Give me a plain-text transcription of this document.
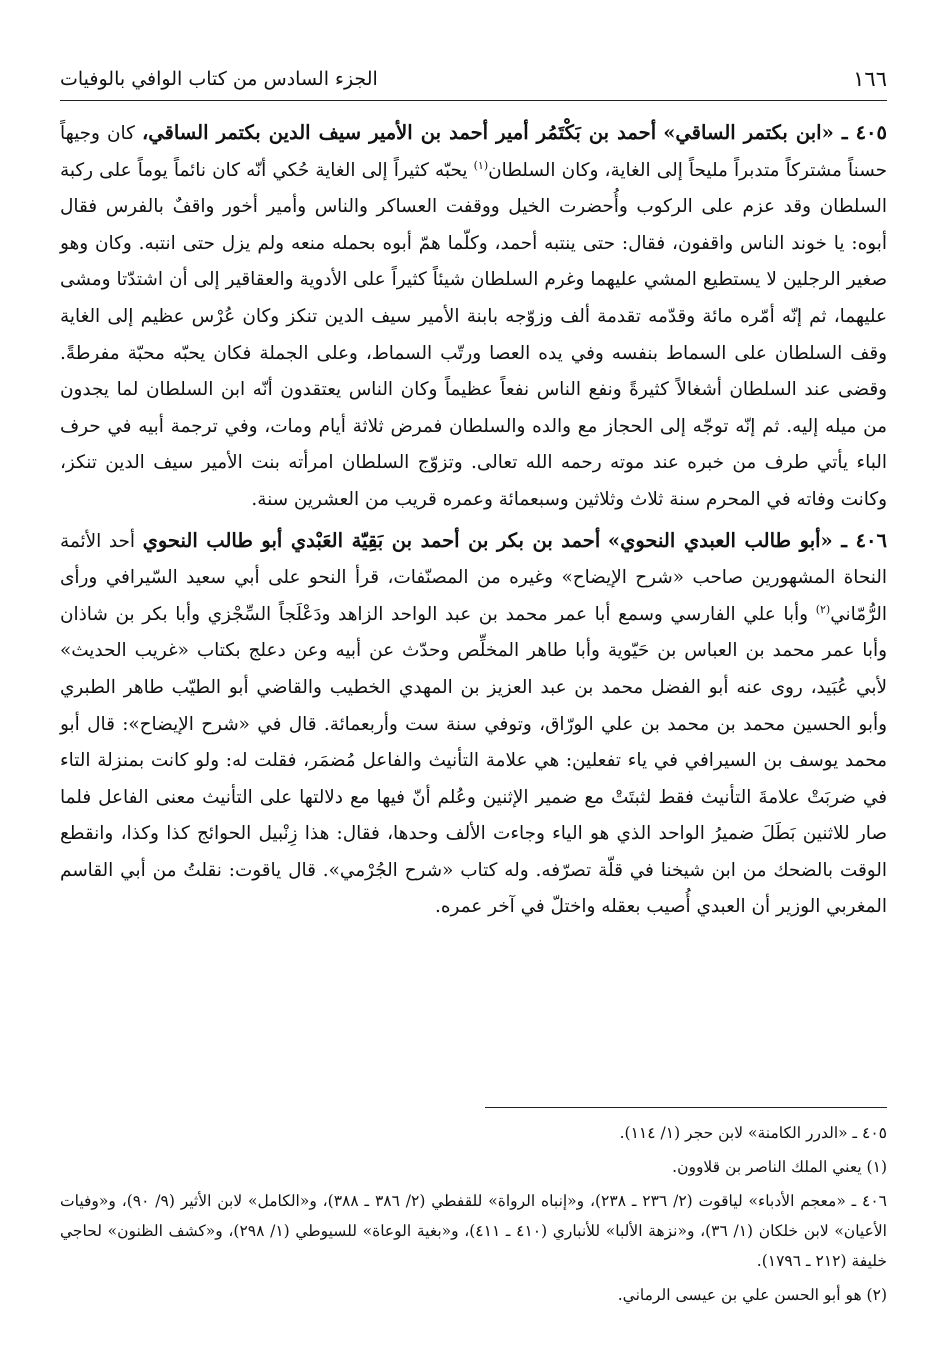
١٦٦
الجزء السادس من كتاب الوافي بالوفيات

٤٠٥ ـ «ابن بكتمر الساقي» أحمد بن بَكْتَمُر أمير أحمد بن الأمير سيف الدين بكتمر الساقي، كان وجيهاً حسناً مشتركاً متدبراً مليحاً إلى الغاية، وكان السلطان$^{(١)}$ يحبّه كثيراً إلى الغاية حُكي أنّه كان نائماً يوماً على ركبة السلطان وقد عزم على الركوب وأُحضرت الخيل ووقفت العساكر والناس وأمير أخور واقفٌ بالفرس فقال أبوه: يا خوند الناس واقفون، فقال: حتى ينتبه أحمد، وكلّما همّ أبوه بحمله منعه ولم يزل حتى انتبه. وكان وهو صغير الرجلين لا يستطيع المشي عليهما وغرم السلطان شيئاً كثيراً على الأدوية والعقاقير إلى أن اشتدّتا ومشى عليهما، ثم إنّه أمّره مائة وقدّمه تقدمة ألف وزوّجه بابنة الأمير سيف الدين تنكز وكان عُرْس عظيم إلى الغاية وقف السلطان على السماط بنفسه وفي يده العصا ورتّب السماط، وعلى الجملة فكان يحبّه محبّة مفرطةً. وقضى عند السلطان أشغالاً كثيرةً ونفع الناس نفعاً عظيماً وكان الناس يعتقدون أنّه ابن السلطان لما يجدون من ميله إليه. ثم إنّه توجّه إلى الحجاز مع والده والسلطان فمرض ثلاثة أيام ومات، وفي ترجمة أبيه في حرف الباء يأتي طرف من خبره عند موته رحمه الله تعالى. وتزوّج السلطان امرأته بنت الأمير سيف الدين تنكز، وكانت وفاته في المحرم سنة ثلاث وثلاثين وسبعمائة وعمره قريب من العشرين سنة.

٤٠٦ ـ «أبو طالب العبدي النحوي» أحمد بن بكر بن أحمد بن بَقِيّة العَبْدي أبو طالب النحوي أحد الأئمة النحاة المشهورين صاحب «شرح الإيضاح» وغيره من المصنّفات، قرأ النحو على أبي سعيد السّيرافي ورأى الرُّمّاني$^{(٢)}$ وأبا علي الفارسي وسمع أبا عمر محمد بن عبد الواحد الزاهد ودَعْلَجاً السِّجْزي وأبا بكر بن شاذان وأبا عمر محمد بن العباس بن حَيّوية وأبا طاهر المخلِّص وحدّث عن أبيه وعن دعلج بكتاب «غريب الحديث» لأبي عُبَيد، روى عنه أبو الفضل محمد بن عبد العزيز بن المهدي الخطيب والقاضي أبو الطيّب طاهر الطبري وأبو الحسين محمد بن محمد بن علي الورّاق، وتوفي سنة ست وأربعمائة. قال في «شرح الإيضاح»: قال أبو محمد يوسف بن السيرافي في ياء تفعلين: هي علامة التأنيث والفاعل مُضمَر، فقلت له: ولو كانت بمنزلة التاء في ضربَتْ علامةَ التأنيث فقط لثبتَتْ مع ضمير الإثنين وعُلم أنّ فيها مع دلالتها على التأنيث معنى الفاعل فلما صار للاثنين بَطَلَ ضميرُ الواحد الذي هو الياء وجاءت الألف وحدها، فقال: هذا زِنْبيل الحوائج كذا وكذا، وانقطع الوقت بالضحك من ابن شيخنا في قلّة تصرّفه. وله كتاب «شرح الجُرْمي». قال ياقوت: نقلتُ من أبي القاسم المغربي الوزير أن العبدي أُصيب بعقله واختلّ في آخر عمره.

٤٠٥ ـ «الدرر الكامنة» لابن حجر (١/ ١١٤).

(١) يعني الملك الناصر بن قلاوون.

٤٠٦ ـ «معجم الأدباء» لياقوت (٢/ ٢٣٦ ـ ٢٣٨)، و«إنباه الرواة» للقفطي (٢/ ٣٨٦ ـ ٣٨٨)، و«الكامل» لابن الأثير (٩/ ٩٠)، و«وفيات الأعيان» لابن خلكان (١/ ٣٦)، و«نزهة الألبا» للأنباري (٤١٠ ـ ٤١١)، و«بغية الوعاة» للسيوطي (١/ ٢٩٨)، و«كشف الظنون» لحاجي خليفة (٢١٢ ـ ١٧٩٦).

(٢) هو أبو الحسن علي بن عيسى الرماني.
